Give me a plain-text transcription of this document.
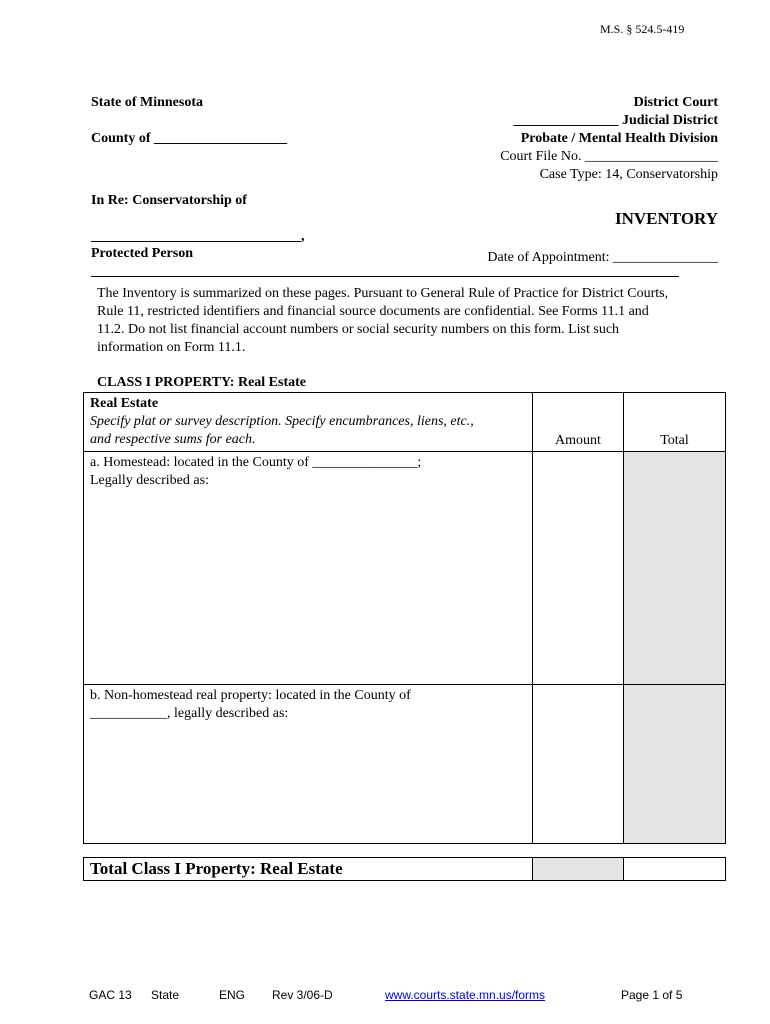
M.S. § 524.5-419
State of Minnesota
County of ___________________
In Re: Conservatorship of
______________________________,
Protected Person
District Court
_______________ Judicial District
Probate / Mental Health Division
Court File No. ___________________
Case Type: 14, Conservatorship
INVENTORY
Date of Appointment: _______________
The Inventory is summarized on these pages. Pursuant to General Rule of Practice for District Courts,
Rule 11, restricted identifiers and financial source documents are confidential. See Forms 11.1 and
11.2. Do not list financial account numbers or social security numbers on this form. List such
information on Form 11.1.
CLASS I PROPERTY: Real Estate
Real Estate
Specify plat or survey description. Specify encumbrances, liens, etc.,
and respective sums for each.	Amount	Total

a. Homestead: located in the County of _______________;
Legally described as:		

b. Non-homestead real property: located in the County of
___________, legally described as:		

Total Class I Property: Real Estate

GAC 13 State	ENG Rev 3/06-D	www.courts.state.mn.us/forms	Page 1 of 5
